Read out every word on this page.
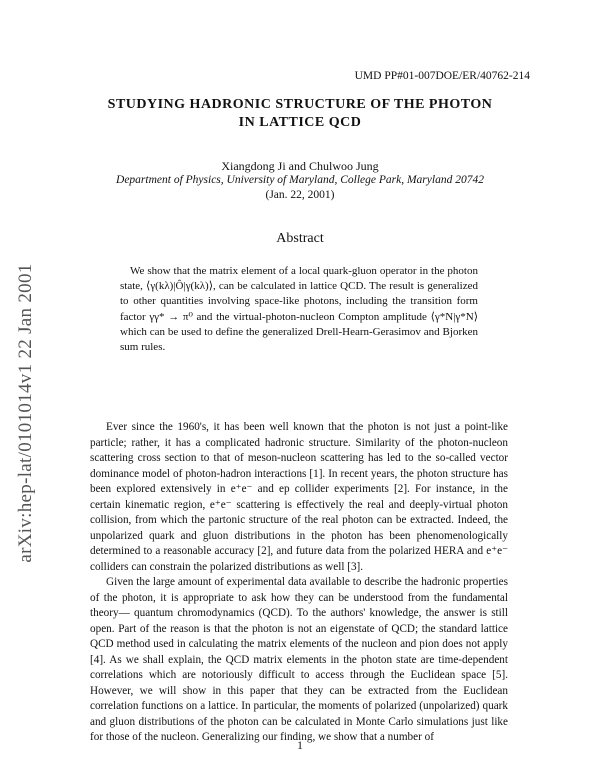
arXiv:hep-lat/0101014v1 22 Jan 2001
UMD PP#01-007DOE/ER/40762-214
STUDYING HADRONIC STRUCTURE OF THE PHOTON
IN LATTICE QCD
Xiangdong Ji and Chulwoo Jung
Department of Physics, University of Maryland, College Park, Maryland 20742
(Jan. 22, 2001)
Abstract

We show that the matrix element of a local quark-gluon operator in the photon state, ⟨γ(kλ)|Ô|γ(kλ)⟩, can be calculated in lattice QCD. The result is generalized to other quantities involving space-like photons, including the transition form factor γγ* → π⁰ and the virtual-photon-nucleon Compton amplitude ⟨γ*N|γ*N⟩ which can be used to define the generalized Drell-Hearn-Gerasimov and Bjorken sum rules.

Ever since the 1960's, it has been well known that the photon is not just a point-like particle; rather, it has a complicated hadronic structure. Similarity of the photon-nucleon scattering cross section to that of meson-nucleon scattering has led to the so-called vector dominance model of photon-hadron interactions [1]. In recent years, the photon structure has been explored extensively in e⁺e⁻ and ep collider experiments [2]. For instance, in the certain kinematic region, e⁺e⁻ scattering is effectively the real and deeply-virtual photon collision, from which the partonic structure of the real photon can be extracted. Indeed, the unpolarized quark and gluon distributions in the photon has been phenomenologically determined to a reasonable accuracy [2], and future data from the polarized HERA and e⁺e⁻ colliders can constrain the polarized distributions as well [3].

Given the large amount of experimental data available to describe the hadronic properties of the photon, it is appropriate to ask how they can be understood from the fundamental theory— quantum chromodynamics (QCD). To the authors' knowledge, the answer is still open. Part of the reason is that the photon is not an eigenstate of QCD; the standard lattice QCD method used in calculating the matrix elements of the nucleon and pion does not apply [4]. As we shall explain, the QCD matrix elements in the photon state are time-dependent correlations which are notoriously difficult to access through the Euclidean space [5]. However, we will show in this paper that they can be extracted from the Euclidean correlation functions on a lattice. In particular, the moments of polarized (unpolarized) quark and gluon distributions of the photon can be calculated in Monte Carlo simulations just like for those of the nucleon. Generalizing our finding, we show that a number of

1
